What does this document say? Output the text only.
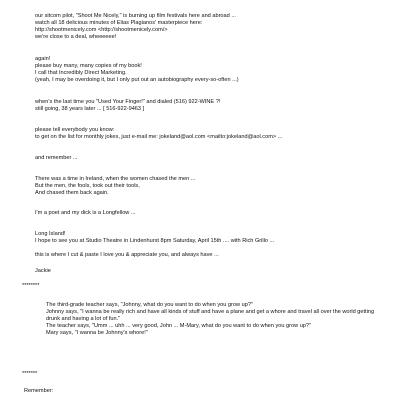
our sitcom pilot, "Shoot Me Nicely," is burning up film festivals here and abroad ...
watch all 18 delicious minutes of Elias Plagianos' masterpiece here:
http://shootmenicely.com <http://shootmenicely.com/>
we're close to a deal, wheeeeee!
again!
please buy many, many copies of my book!
I call that Incredibly Direct Marketing.
(yeah, I may be overdoing it, but I only put out an autobiography every-so-often ...)
when's the last time you "Used Your Finger!" and dialed (516) 922-WINE ?!
still going, 38 years later ... [ 516-922-9463 ]
please tell everybody you know:
to get on the list for monthly jokes, just e-mail me: jokeland@aol.com <mailto:jokeland@aol.com> ...
and remember ...
There was a time in Ireland, when the women chased the men ...
But the men, the fools, took out their tools,
And chased them back again.
I'm a poet and my dick is a Longfellow ...
Long Island!
I hope to see you at Studio Theatre in Lindenhurst 8pm Saturday, April 15th .... with Rich Grillo ...
this is where I cut & paste I love you & appreciate you, and always have ...
Jackie
********
The third-grade teacher says, "Johnny, what do you want to do when you grow up?"
Johnny says, "I wanna be really rich and have all kinds of stuff and have a plane and get a whore and travel all over the world getting drunk and having a lot of fun."
The teacher says, "Umm ... uhh ... very good, John ... M-Mary, what do you want to do when you grow up?"
Mary says, "I wanna be Johnny's whore!"
*******
Remember:
